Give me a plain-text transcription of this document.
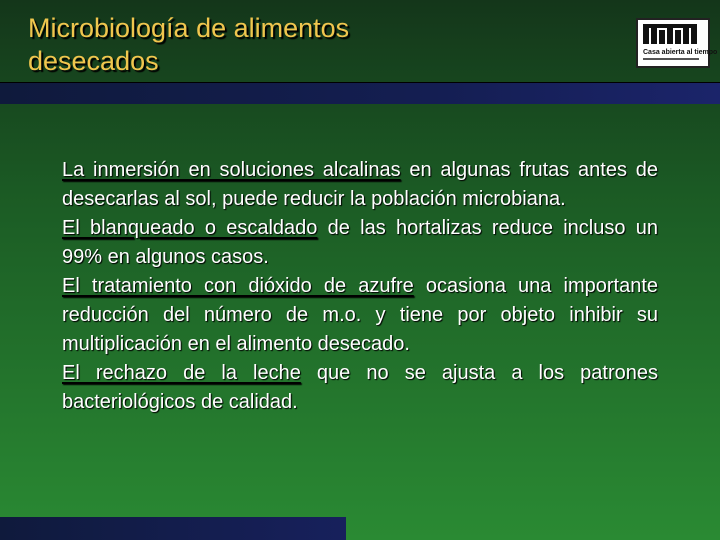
Microbiología de alimentos
desecados	Casa abierta al tiempo

La inmersión en soluciones alcalinas en algunas frutas antes de desecarlas al sol, puede reducir la población microbiana.

El blanqueado o escaldado de las hortalizas reduce incluso un 99% en algunos casos.

El tratamiento con dióxido de azufre ocasiona una importante reducción del número de m.o. y tiene por objeto inhibir su multiplicación en el alimento desecado.

El rechazo de la leche que no se ajusta a los patrones bacteriológicos de calidad.
